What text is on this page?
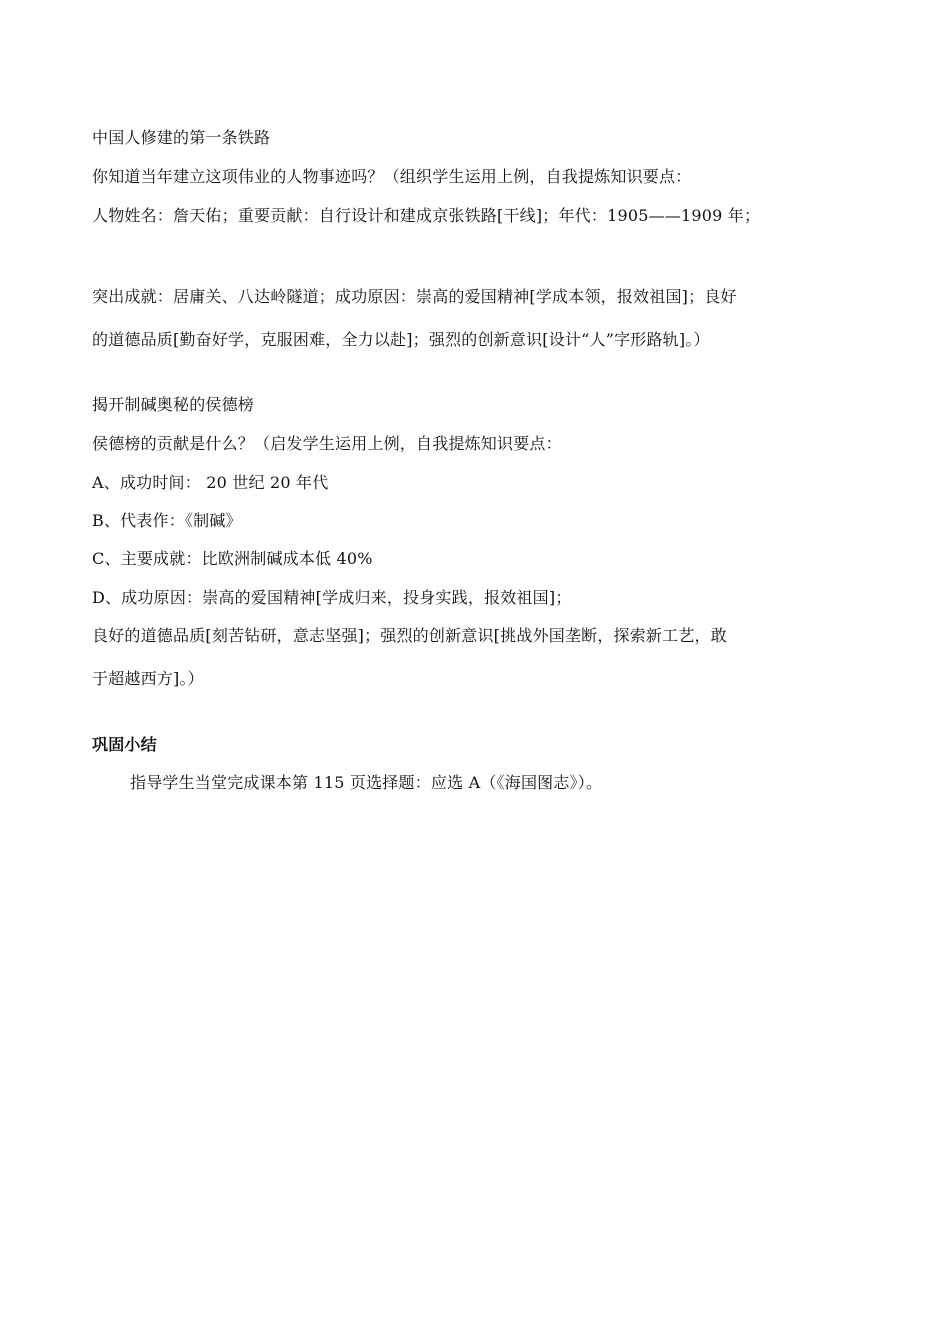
中国人修建的第一条铁路
你知道当年建立这项伟业的人物事迹吗？（组织学生运用上例，自我提炼知识要点：
人物姓名：詹天佑；重要贡献：自行设计和建成京张铁路[干线]；年代：1905——1909 年；
突出成就：居庸关、八达岭隧道；成功原因：崇高的爱国精神[学成本领，报效祖国]；良好
的道德品质[勤奋好学，克服困难，全力以赴]；强烈的创新意识[设计“人”字形路轨]。）
揭开制碱奥秘的侯德榜
侯德榜的贡献是什么？（启发学生运用上例，自我提炼知识要点：
A、成功时间： 20 世纪 20 年代
B、代表作：《制碱》
C、主要成就：比欧洲制碱成本低 40%
D、成功原因：崇高的爱国精神[学成归来，投身实践，报效祖国]；
良好的道德品质[刻苦钻研，意志坚强]；强烈的创新意识[挑战外国垄断，探索新工艺，敢
于超越西方]。）
巩固小结
指导学生当堂完成课本第 115 页选择题：应选 A（《海国图志》）。
